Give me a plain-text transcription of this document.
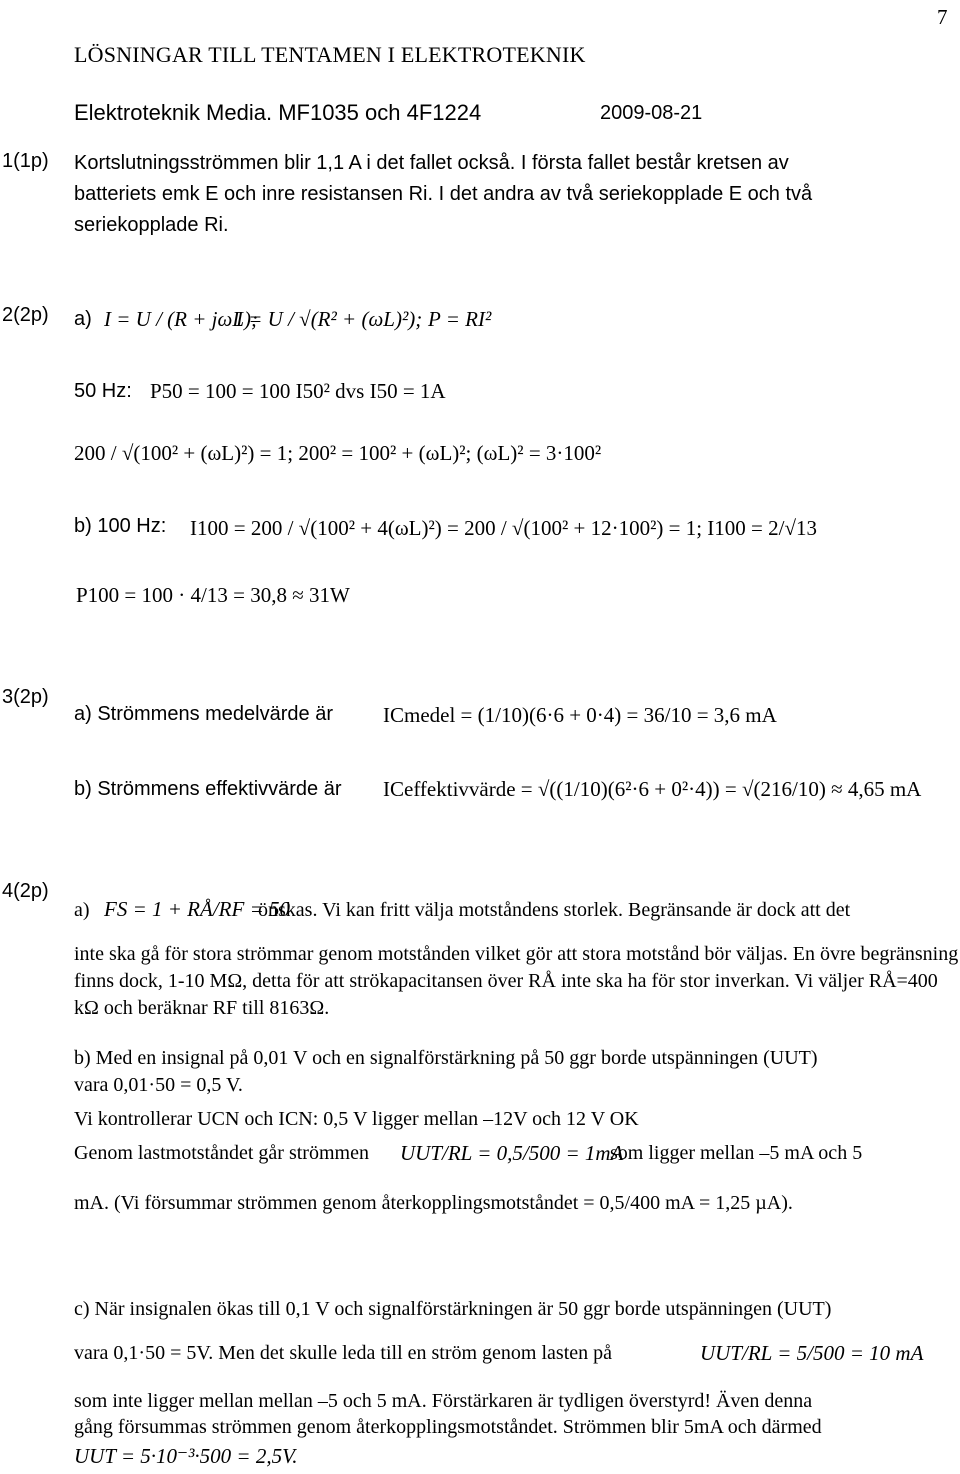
7
LÖSNINGAR TILL TENTAMEN I ELEKTROTEKNIK
Elektroteknik Media. MF1035 och 4F1224	2009-08-21
1(1p) Kortslutningsströmmen blir 1,1 A i det fallet också. I första fallet består kretsen av
batteriets emk E och inre resistansen Ri. I det andra av två seriekopplade E och två
seriekopplade Ri.
2(2p) a) I = U / (R + jωL);
I = U / √(R² + (ωL)²); P = RI²
50 Hz: P50 = 100 = 100 I50² dvs I50 = 1A
200 / √(100² + (ωL)²) = 1; 200² = 100² + (ωL)²; (ωL)² = 3·100²
b) 100 Hz: I100 = 200 / √(100² + 4(ωL)²) = 200 / √(100² + 12·100²) = 1; I100 = 2/√13
P100 = 100 · 4/13 = 30,8 ≈ 31W
3(2p)
a) Strömmens medelvärde är ICmedel = (1/10)(6·6 + 0·4) = 36/10 = 3,6 mA
b) Strömmens effektivvärde är ICeffektivvärde = √((1/10)(6²·6 + 0²·4)) = √(216/10) ≈ 4,65 mA
4(2p)
a) FS = 1 + RÅ/RF = 50
önskas. Vi kan fritt välja motståndens storlek. Begränsande är dock att det
inte ska gå för stora strömmar genom motstånden vilket gör att stora motstånd bör väljas. En övre begränsning finns dock, 1-10 MΩ, detta för att strökapacitansen över RÅ inte ska ha för stor inverkan. Vi väljer RÅ=400 kΩ och beräknar RF till 8163Ω.
b) Med en insignal på 0,01 V och en signalförstärkning på 50 ggr borde utspänningen (UUT)
vara 0,01·50 = 0,5 V.
Vi kontrollerar UCN och ICN: 0,5 V ligger mellan –12V och 12 V OK
Genom lastmotståndet går strömmen UUT/RL = 0,5/500 = 1mA
som ligger mellan –5 mA och 5
mA. (Vi försummar strömmen genom återkopplingsmotståndet = 0,5/400 mA = 1,25 µA).
c) När insignalen ökas till 0,1 V och signalförstärkningen är 50 ggr borde utspänningen (UUT)
vara 0,1·50 = 5V. Men det skulle leda till en ström genom lasten på	UUT/RL = 5/500 = 10 mA
som inte ligger mellan mellan –5 och 5 mA. Förstärkaren är tydligen överstyrd! Även denna
gång försummas strömmen genom återkopplingsmotståndet. Strömmen blir 5mA och därmed
UUT = 5·10⁻³·500 = 2,5V.
